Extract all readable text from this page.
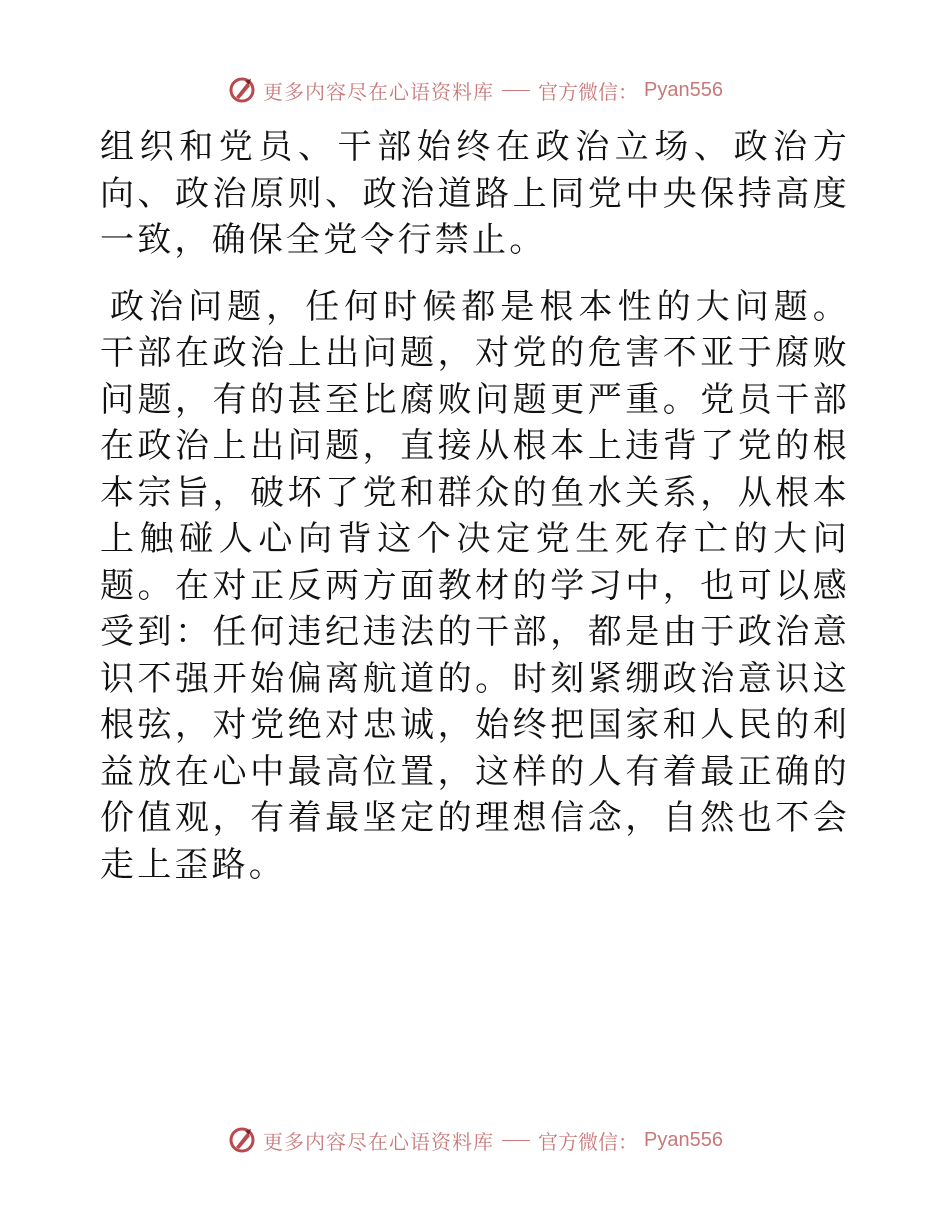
更多内容尽在心语资料库 官方微信： Pyan556

组织和党员、干部始终在政治立场、政治方向、政治原则、政治道路上同党中央保持高度一致，确保全党令行禁止。

政治问题，任何时候都是根本性的大问题。干部在政治上出问题，对党的危害不亚于腐败问题，有的甚至比腐败问题更严重。党员干部在政治上出问题，直接从根本上违背了党的根本宗旨，破坏了党和群众的鱼水关系，从根本上触碰人心向背这个决定党生死存亡的大问题。在对正反两方面教材的学习中，也可以感受到：任何违纪违法的干部，都是由于政治意识不强开始偏离航道的。时刻紧绷政治意识这根弦，对党绝对忠诚，始终把国家和人民的利益放在心中最高位置，这样的人有着最正确的价值观，有着最坚定的理想信念，自然也不会走上歪路。

更多内容尽在心语资料库 官方微信： Pyan556
